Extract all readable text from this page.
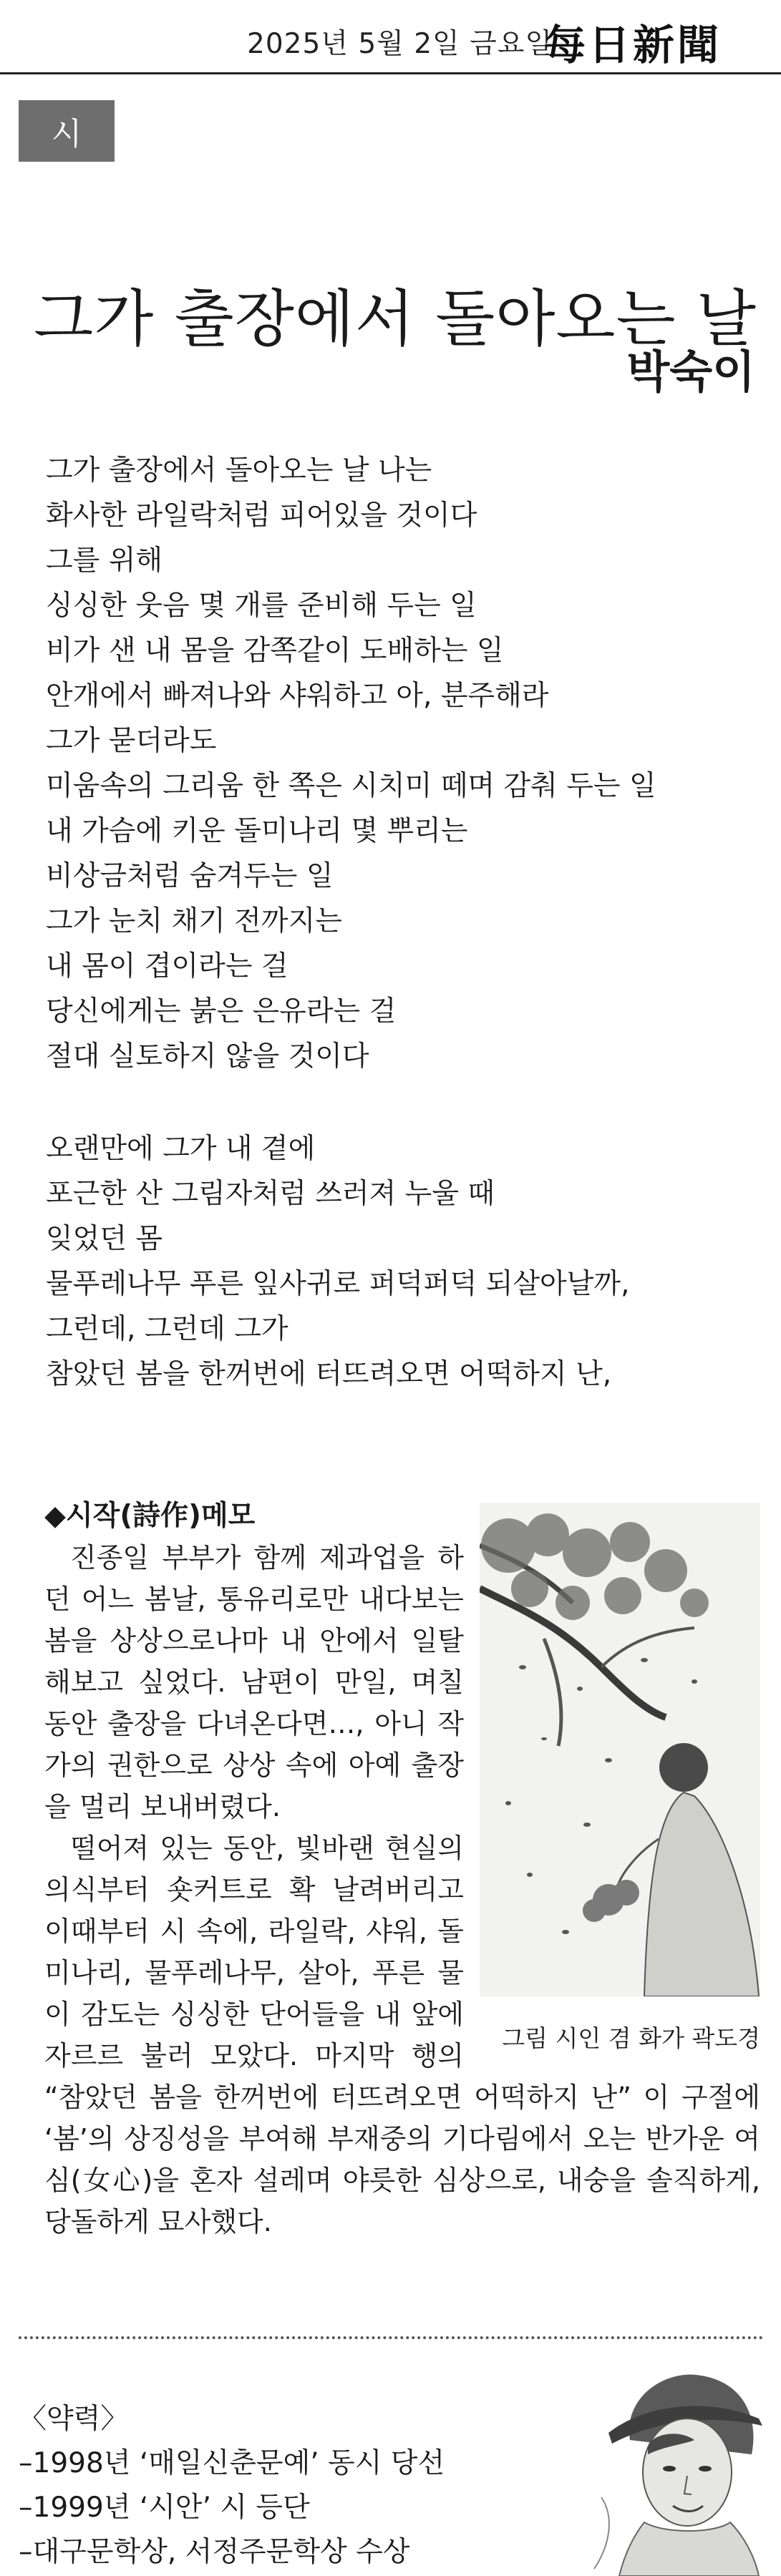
2025년 5월 2일 금요일
每日新聞
시
그가 출장에서 돌아오는 날
박숙이
그가 출장에서 돌아오는 날 나는
화사한 라일락처럼 피어있을 것이다
그를 위해
싱싱한 웃음 몇 개를 준비해 두는 일
비가 샌 내 몸을 감쪽같이 도배하는 일
안개에서 빠져나와 샤워하고 아, 분주해라
그가 묻더라도
미움속의 그리움 한 쪽은 시치미 떼며 감춰 두는 일
내 가슴에 키운 돌미나리 몇 뿌리는
비상금처럼 숨겨두는 일
그가 눈치 채기 전까지는
내 몸이 겹이라는 걸
당신에게는 붉은 은유라는 걸
절대 실토하지 않을 것이다
오랜만에 그가 내 곁에
포근한 산 그림자처럼 쓰러져 누울 때
잊었던 몸
물푸레나무 푸른 잎사귀로 퍼덕퍼덕 되살아날까,
그런데, 그런데 그가
참았던 봄을 한꺼번에 터뜨려오면 어떡하지 난,
◆시작(詩作)메모
그림 시인 겸 화가 곽도경

진종일 부부가 함께 제과업을 하던 어느 봄날, 통유리로만 내다보는 봄을 상상으로나마 내 안에서 일탈해보고 싶었다. 남편이 만일, 며칠 동안 출장을 다녀온다면…, 아니 작가의 권한으로 상상 속에 아예 출장을 멀리 보내버렸다.

떨어져 있는 동안, 빛바랜 현실의 의식부터 숏커트로 확 날려버리고 이때부터 시 속에, 라일락, 샤워, 돌미나리, 물푸레나무, 살아, 푸른 물이 감도는 싱싱한 단어들을 내 앞에 자르르 불러 모았다. 마지막 행의 “참았던 봄을 한꺼번에 터뜨려오면 어떡하지 난” 이 구절에 ‘봄’의 상징성을 부여해 부재중의 기다림에서 오는 반가운 여심(女心)을 혼자 설레며 야릇한 심상으로, 내숭을 솔직하게, 당돌하게 묘사했다.

〈약력〉
–1998년 ‘매일신춘문예’ 동시 당선
–1999년 ‘시안’ 시 등단
–대구문학상, 서정주문학상 수상
